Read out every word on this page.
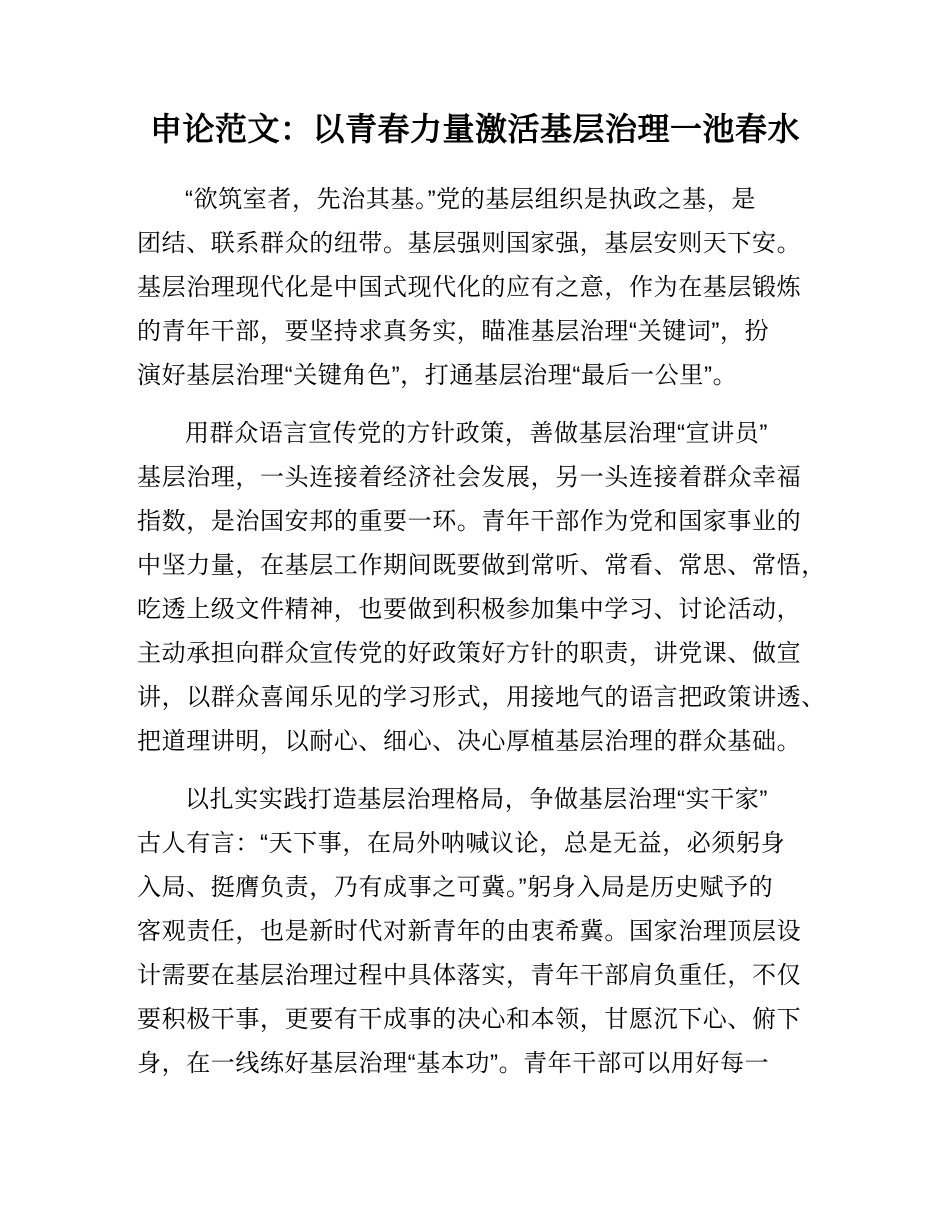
申论范文：以青春力量激活基层治理一池春水
“欲筑室者，先治其基。”党的基层组织是执政之基，是
团结、联系群众的纽带。基层强则国家强，基层安则天下安。
基层治理现代化是中国式现代化的应有之意，作为在基层锻炼
的青年干部，要坚持求真务实，瞄准基层治理“关键词”，扮
演好基层治理“关键角色”，打通基层治理“最后一公里”。
用群众语言宣传党的方针政策，善做基层治理“宣讲员”
基层治理，一头连接着经济社会发展，另一头连接着群众幸福
指数，是治国安邦的重要一环。青年干部作为党和国家事业的
中坚力量，在基层工作期间既要做到常听、常看、常思、常悟，
吃透上级文件精神，也要做到积极参加集中学习、讨论活动，
主动承担向群众宣传党的好政策好方针的职责，讲党课、做宣
讲，以群众喜闻乐见的学习形式，用接地气的语言把政策讲透、
把道理讲明，以耐心、细心、决心厚植基层治理的群众基础。
以扎实实践打造基层治理格局，争做基层治理“实干家”
古人有言：“天下事，在局外呐喊议论，总是无益，必须躬身
入局、挺膺负责，乃有成事之可冀。”躬身入局是历史赋予的
客观责任，也是新时代对新青年的由衷希冀。国家治理顶层设
计需要在基层治理过程中具体落实，青年干部肩负重任，不仅
要积极干事，更要有干成事的决心和本领，甘愿沉下心、俯下
身，在一线练好基层治理“基本功”。青年干部可以用好每一
